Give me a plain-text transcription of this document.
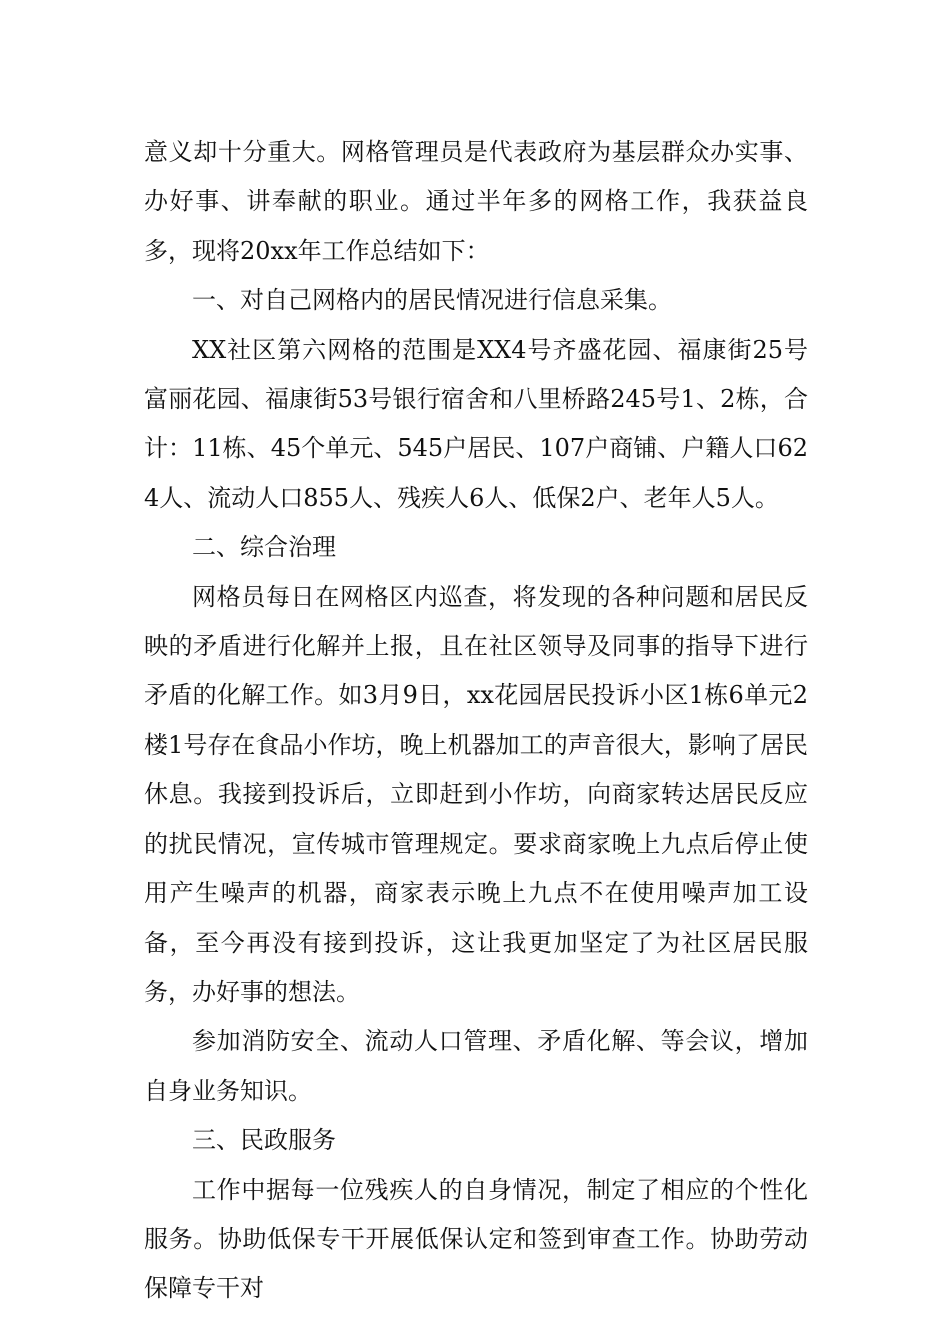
意义却十分重大。网格管理员是代表政府为基层群众办实事、办好事、讲奉献的职业。通过半年多的网格工作，我获益良多，现将20xx年工作总结如下：

一、对自己网格内的居民情况进行信息采集。

XX社区第六网格的范围是XX4号齐盛花园、福康街25号富丽花园、福康街53号银行宿舍和八里桥路245号1、2栋，合计：11栋、45个单元、545户居民、107户商铺、户籍人口624人、流动人口855人、残疾人6人、低保2户、老年人5人。

二、综合治理

网格员每日在网格区内巡查，将发现的各种问题和居民反映的矛盾进行化解并上报，且在社区领导及同事的指导下进行矛盾的化解工作。如3月9日，xx花园居民投诉小区1栋6单元2楼1号存在食品小作坊，晚上机器加工的声音很大，影响了居民休息。我接到投诉后，立即赶到小作坊，向商家转达居民反应的扰民情况，宣传城市管理规定。要求商家晚上九点后停止使用产生噪声的机器，商家表示晚上九点不在使用噪声加工设备，至今再没有接到投诉，这让我更加坚定了为社区居民服务，办好事的想法。

参加消防安全、流动人口管理、矛盾化解、等会议，增加自身业务知识。

三、民政服务

工作中据每一位残疾人的自身情况，制定了相应的个性化服务。协助低保专干开展低保认定和签到审查工作。协助劳动保障专干对
